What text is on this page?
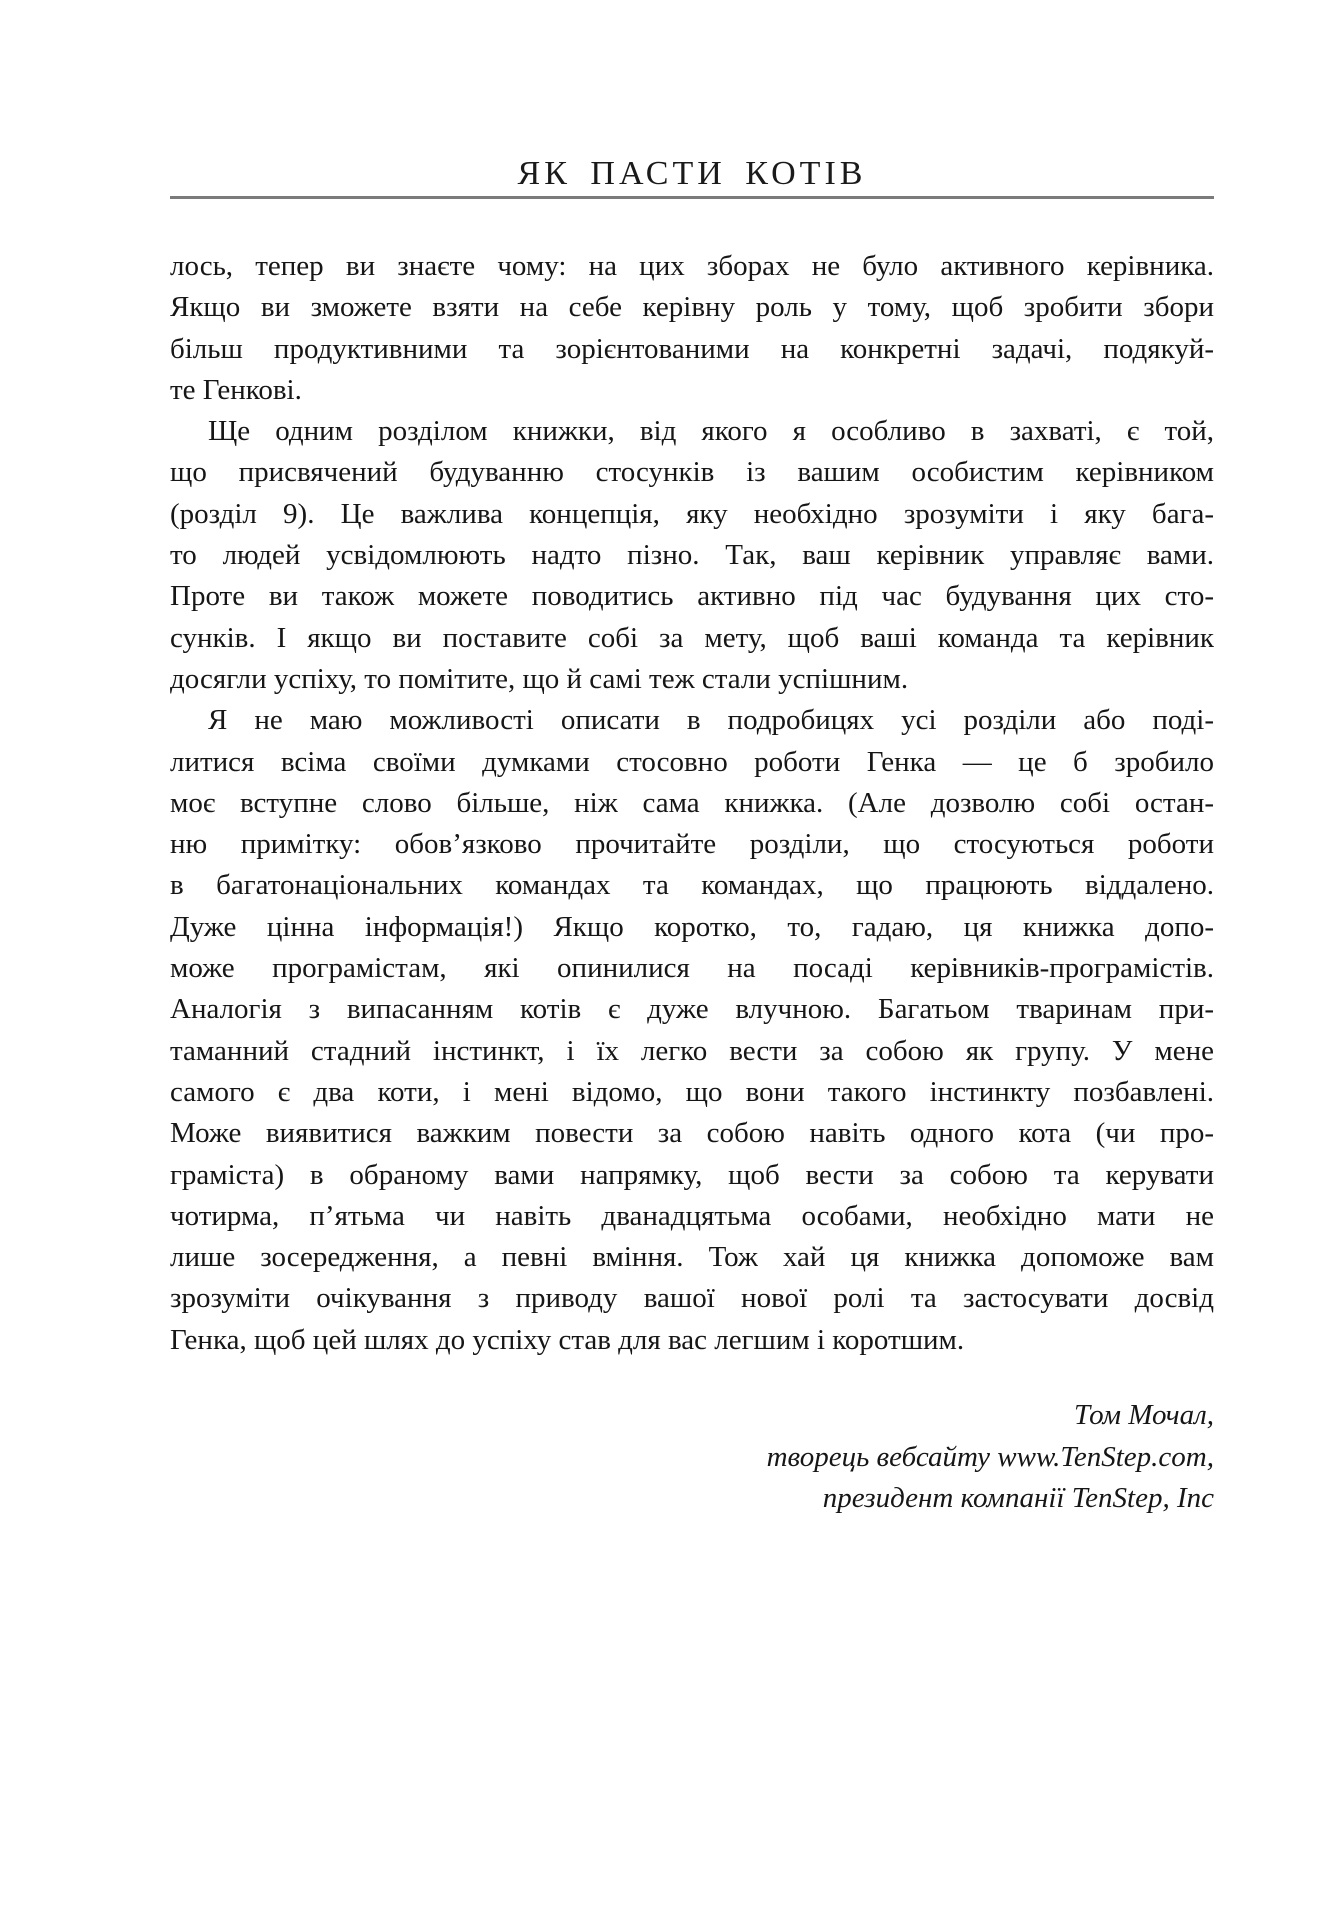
ЯК ПАСТИ КОТІВ
лось, тепер ви знаєте чому: на цих зборах не було активного керівника.
Якщо ви зможете взяти на себе керівну роль у тому, щоб зробити збори
більш продуктивними та зорієнтованими на конкретні задачі, подякуй-
те Генкові.
Ще одним розділом книжки, від якого я особливо в захваті, є той,
що присвячений будуванню стосунків із вашим особистим керівником
(розділ 9). Це важлива концепція, яку необхідно зрозуміти і яку бага-
то людей усвідомлюють надто пізно. Так, ваш керівник управляє вами.
Проте ви також можете поводитись активно під час будування цих сто-
сунків. І якщо ви поставите собі за мету, щоб ваші команда та керівник
досягли успіху, то помітите, що й самі теж стали успішним.
Я не маю можливості описати в подробицях усі розділи або поді-
литися всіма своїми думками стосовно роботи Генка — це б зробило
моє вступне слово більше, ніж сама книжка. (Але дозволю собі остан-
ню примітку: обов’язково прочитайте розділи, що стосуються роботи
в багатонаціональних командах та командах, що працюють віддалено.
Дуже цінна інформація!) Якщо коротко, то, гадаю, ця книжка допо-
може програмістам, які опинилися на посаді керівників-програмістів.
Аналогія з випасанням котів є дуже влучною. Багатьом тваринам при-
таманний стадний інстинкт, і їх легко вести за собою як групу. У мене
самого є два коти, і мені відомо, що вони такого інстинкту позбавлені.
Може виявитися важким повести за собою навіть одного кота (чи про-
граміста) в обраному вами напрямку, щоб вести за собою та керувати
чотирма, п’ятьма чи навіть дванадцятьма особами, необхідно мати не
лише зосередження, а певні вміння. Тож хай ця книжка допоможе вам
зрозуміти очікування з приводу вашої нової ролі та застосувати досвід
Генка, щоб цей шлях до успіху став для вас легшим і коротшим.
Том Мочал,
творець вебсайту www.TenStep.com,
президент компанії TenStep, Inc
